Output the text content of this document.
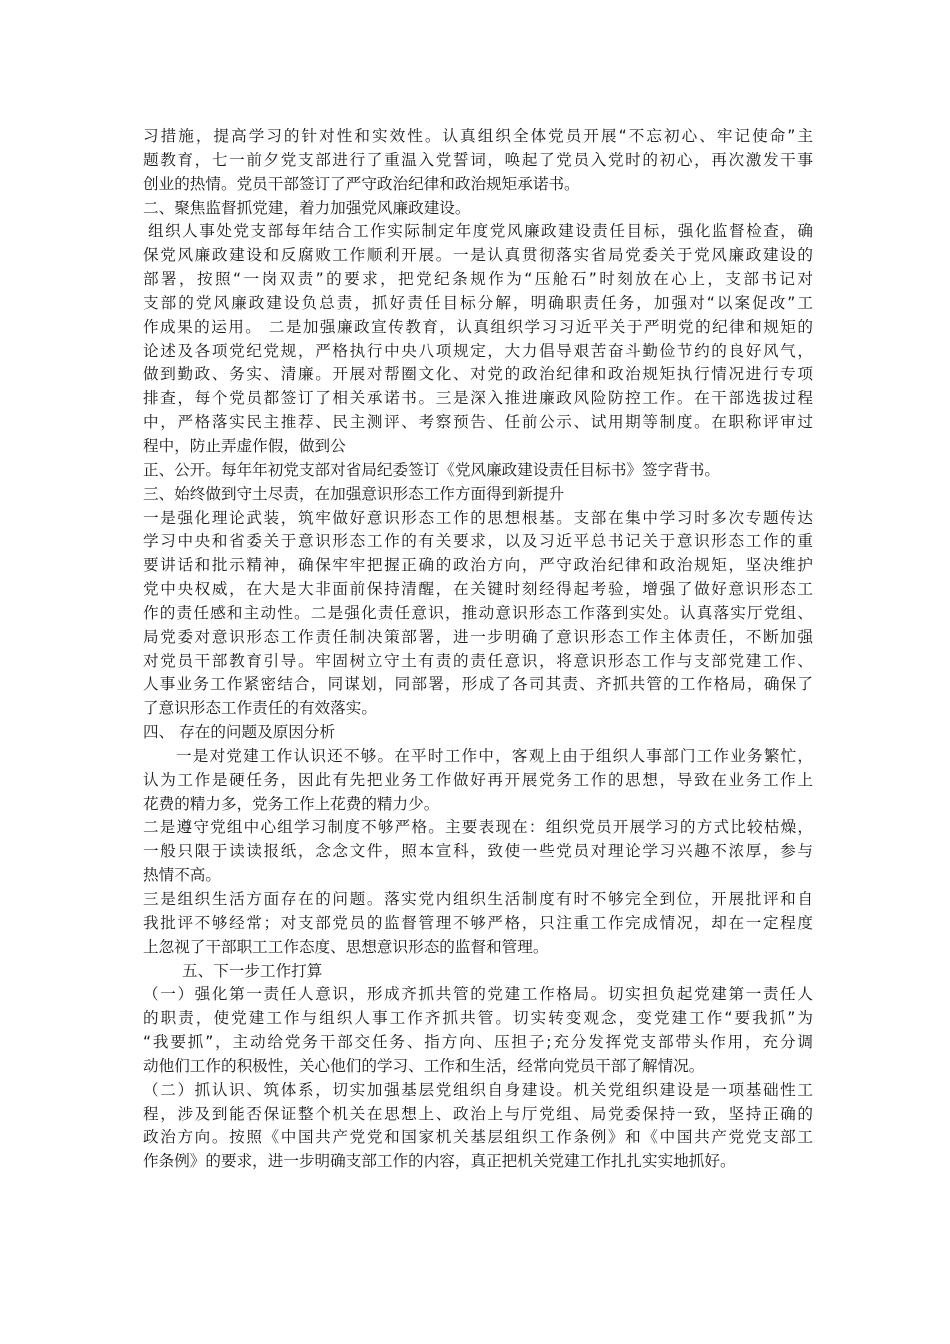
习措施，提高学习的针对性和实效性。认真组织全体党员开展“不忘初心、牢记使命”主

题教育，七一前夕党支部进行了重温入党誓词，唤起了党员入党时的初心，再次激发干事

创业的热情。党员干部签订了严守政治纪律和政治规矩承诺书。

二、聚焦监督抓党建，着力加强党风廉政建设。

组织人事处党支部每年结合工作实际制定年度党风廉政建设责任目标，强化监督检查，确

保党风廉政建设和反腐败工作顺利开展。一是认真贯彻落实省局党委关于党风廉政建设的

部署，按照“一岗双责”的要求，把党纪条规作为“压舱石”时刻放在心上，支部书记对

支部的党风廉政建设负总责，抓好责任目标分解，明确职责任务，加强对“以案促改”工

作成果的运用。 二是加强廉政宣传教育，认真组织学习习近平关于严明党的纪律和规矩的

论述及各项党纪党规，严格执行中央八项规定，大力倡导艰苦奋斗勤俭节约的良好风气，

做到勤政、务实、清廉。开展对帮圈文化、对党的政治纪律和政治规矩执行情况进行专项

排查，每个党员都签订了相关承诺书。三是深入推进廉政风险防控工作。在干部选拔过程

中，严格落实民主推荐、民主测评、考察预告、任前公示、试用期等制度。在职称评审过

程中，防止弄虚作假，做到公

正、公开。每年年初党支部对省局纪委签订《党风廉政建设责任目标书》签字背书。

三、始终做到守土尽责，在加强意识形态工作方面得到新提升

一是强化理论武装，筑牢做好意识形态工作的思想根基。支部在集中学习时多次专题传达

学习中央和省委关于意识形态工作的有关要求，以及习近平总书记关于意识形态工作的重

要讲话和批示精神，确保牢牢把握正确的政治方向，严守政治纪律和政治规矩，坚决维护

党中央权威，在大是大非面前保持清醒，在关键时刻经得起考验，增强了做好意识形态工

作的责任感和主动性。二是强化责任意识，推动意识形态工作落到实处。认真落实厅党组、

局党委对意识形态工作责任制决策部署，进一步明确了意识形态工作主体责任，不断加强

对党员干部教育引导。牢固树立守土有责的责任意识，将意识形态工作与支部党建工作、

人事业务工作紧密结合，同谋划，同部署，形成了各司其责、齐抓共管的工作格局，确保了

了意识形态工作责任的有效落实。

四、 存在的问题及原因分析

一是对党建工作认识还不够。在平时工作中，客观上由于组织人事部门工作业务繁忙，

认为工作是硬任务，因此有先把业务工作做好再开展党务工作的思想，导致在业务工作上

花费的精力多，党务工作上花费的精力少。

二是遵守党组中心组学习制度不够严格。主要表现在：组织党员开展学习的方式比较枯燥，

一般只限于读读报纸，念念文件，照本宣科，致使一些党员对理论学习兴趣不浓厚，参与

热情不高。

三是组织生活方面存在的问题。落实党内组织生活制度有时不够完全到位，开展批评和自

我批评不够经常；对支部党员的监督管理不够严格，只注重工作完成情况，却在一定程度

上忽视了干部职工工作态度、思想意识形态的监督和管理。

五、下一步工作打算

（一）强化第一责任人意识，形成齐抓共管的党建工作格局。切实担负起党建第一责任人

的职责，使党建工作与组织人事工作齐抓共管。切实转变观念，变党建工作“要我抓”为

“我要抓”，主动给党务干部交任务、指方向、压担子;充分发挥党支部带头作用，充分调

动他们工作的积极性，关心他们的学习、工作和生活，经常向党员干部了解情况。

（二）抓认识、筑体系，切实加强基层党组织自身建设。机关党组织建设是一项基础性工

程，涉及到能否保证整个机关在思想上、政治上与厅党组、局党委保持一致，坚持正确的

政治方向。按照《中国共产党党和国家机关基层组织工作条例》和《中国共产党党支部工

作条例》的要求，进一步明确支部工作的内容，真正把机关党建工作扎扎实实地抓好。
